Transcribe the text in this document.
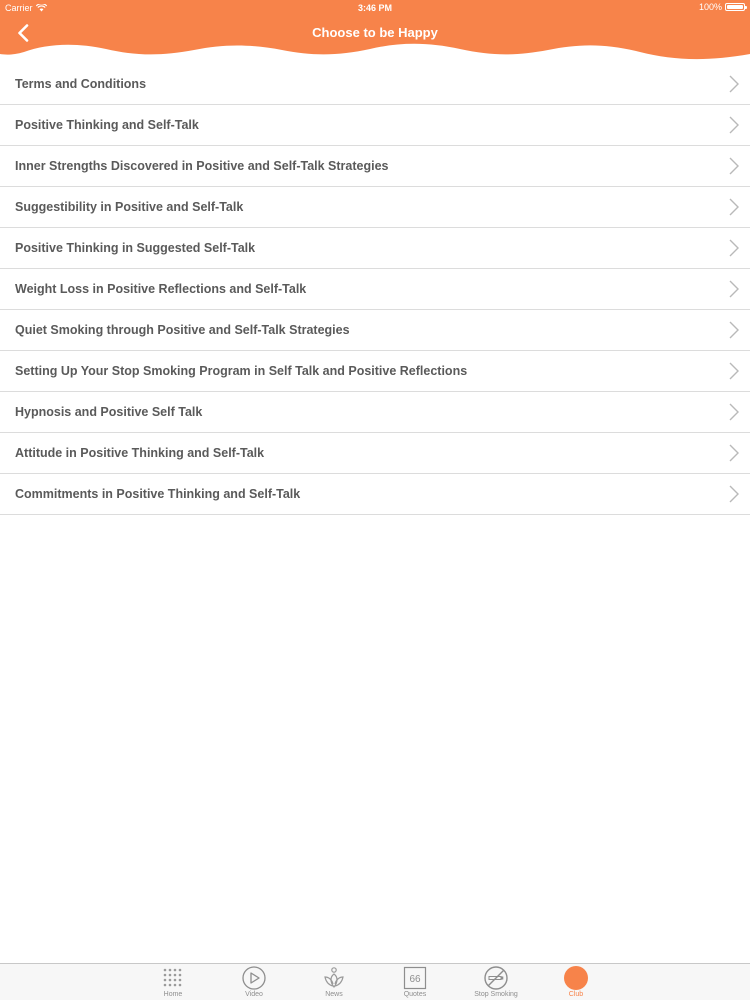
Carrier	3:46 PM	100%
Choose to be Happy
Terms and Conditions
Positive Thinking and Self-Talk
Inner Strengths Discovered in Positive and Self-Talk Strategies
Suggestibility in Positive and Self-Talk
Positive Thinking in Suggested Self-Talk
Weight Loss in Positive Reflections and Self-Talk
Quiet Smoking through Positive and Self-Talk Strategies
Setting Up Your Stop Smoking Program in Self Talk and Positive Reflections
Hypnosis and Positive Self Talk
Attitude in Positive Thinking and Self-Talk
Commitments in Positive Thinking and Self-Talk
Home	Video	News
66
Quotes	Stop Smoking	Club
